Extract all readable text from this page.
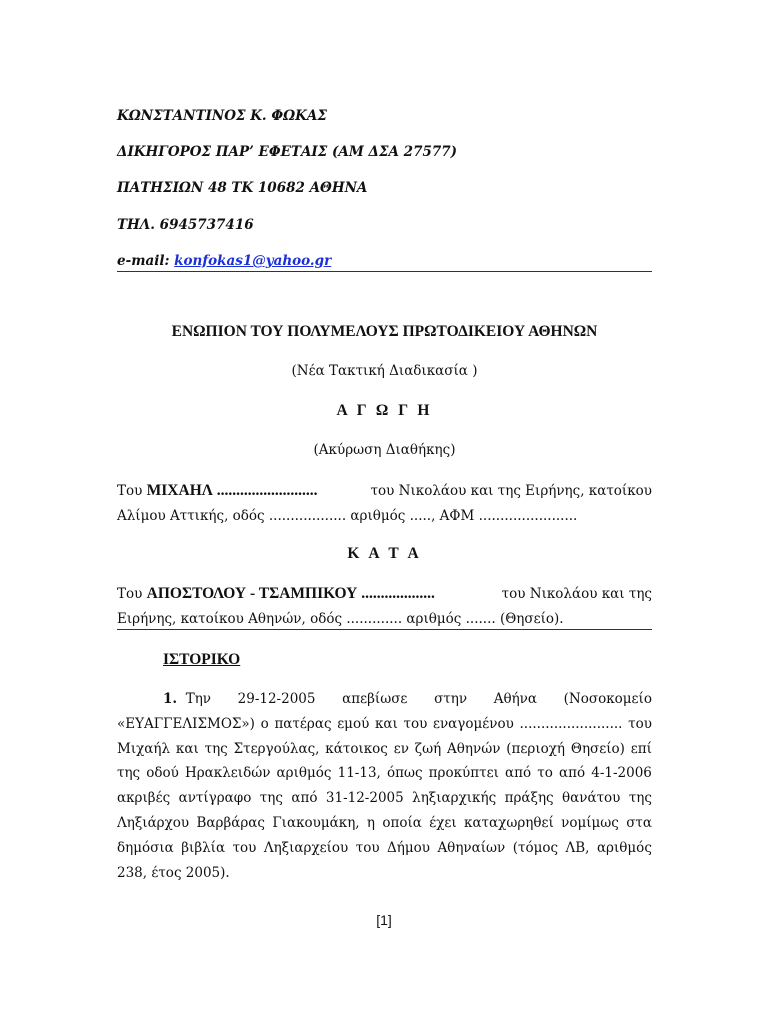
ΚΩΝΣΤΑΝΤΙΝΟΣ Κ. ΦΩΚΑΣ
ΔΙΚΗΓΟΡΟΣ ΠΑΡ’ ΕΦΕΤΑΙΣ (ΑΜ ΔΣΑ 27577)
ΠΑΤΗΣΙΩΝ 48 ΤΚ 10682 ΑΘΗΝΑ
ΤΗΛ. 6945737416
e-mail: konfokas1@yahoo.gr
ΕΝΩΠΙΟΝ ΤΟΥ ΠΟΛΥΜΕΛΟΥΣ ΠΡΩΤΟΔΙΚΕΙΟΥ ΑΘΗΝΩΝ
(Νέα Τακτική Διαδικασία )
Α Γ Ω Γ Η
(Ακύρωση Διαθήκης)
Του ΜΙΧΑΗΛ ..........................	του Νικολάου και της Ειρήνης, κατοίκου
Αλίμου Αττικής, οδός .................. αριθμός ....., ΑΦΜ .......................
Κ Α Τ Α
Του ΑΠΟΣΤΟΛΟΥ - ΤΣΑΜΠΙΚΟΥ ...................	του Νικολάου και της
Ειρήνης, κατοίκου Αθηνών, οδός ............. αριθμός ....... (Θησείο).
ΙΣΤΟΡΙΚΟ
1. Την 29-12-2005 απεβίωσε στην Αθήνα (Νοσοκομείο
«ΕΥΑΓΓΕΛΙΣΜΟΣ») ο πατέρας εμού και του εναγομένου ........................ του
Μιχαήλ και της Στεργούλας, κάτοικος εν ζωή Αθηνών (περιοχή Θησείο) επί
της οδού Ηρακλειδών αριθμός 11-13, όπως προκύπτει από το από 4-1-2006
ακριβές αντίγραφο της από 31-12-2005 ληξιαρχικής πράξης θανάτου της
Ληξιάρχου Βαρβάρας Γιακουμάκη, η οποία έχει καταχωρηθεί νομίμως στα
δημόσια βιβλία του Ληξιαρχείου του Δήμου Αθηναίων (τόμος ΛΒ, αριθμός
238, έτος 2005).
[1]
